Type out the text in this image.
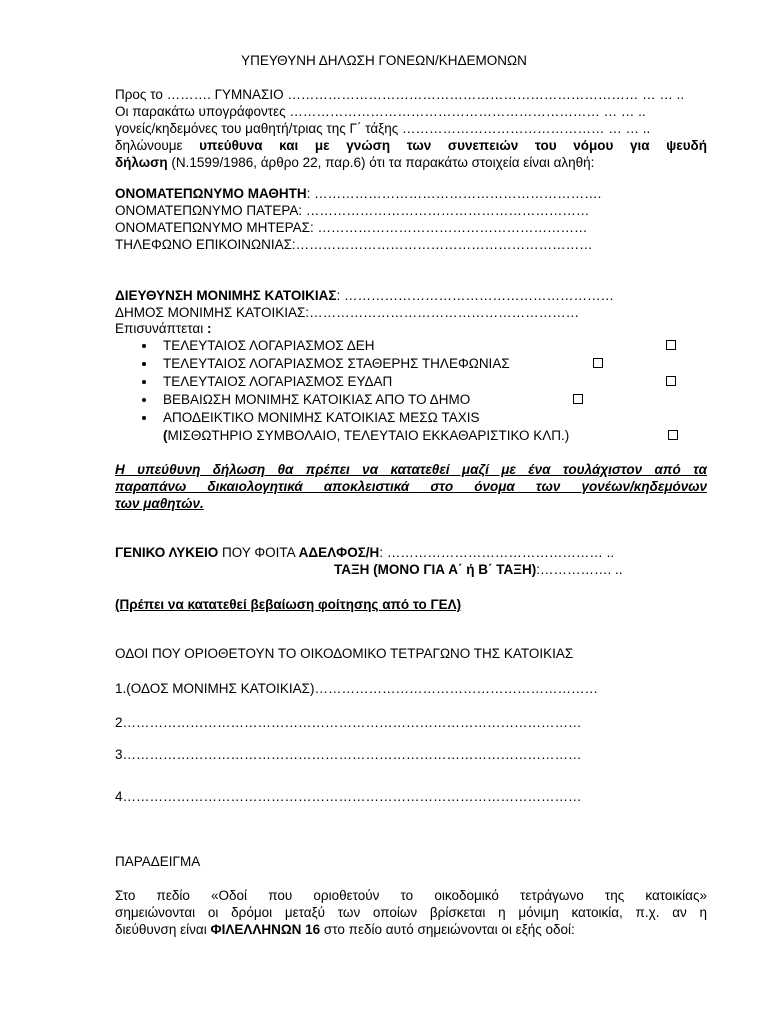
ΥΠΕΥΘΥΝΗ ΔΗΛΩΣΗ ΓΟΝΕΩΝ/ΚΗΔΕΜΟΝΩΝ
Προς το ………. ΓΥΜΝΑΣΙΟ …………………………………………………………………… … … ..
Οι παρακάτω υπογράφοντες …………………………………………………………… … … ..
γονείς/κηδεμόνες του μαθητή/τριας της Γ΄ τάξης ……………………………………… … … ..
δηλώνουμε υπεύθυνα και με γνώση των συνεπειών του νόμου για ψευδή
δήλωση (Ν.1599/1986, άρθρο 22, παρ.6) ότι τα παρακάτω στοιχεία είναι αληθή:
ΟΝΟΜΑΤΕΠΩΝΥΜΟ ΜΑΘΗΤΗ: ……………………………………………………….
ΟΝΟΜΑΤΕΠΩΝΥΜΟ ΠΑΤΕΡΑ: ………………………………………………………
ΟΝΟΜΑΤΕΠΩΝΥΜΟ ΜΗΤΕΡΑΣ: ……………………………………………………
ΤΗΛΕΦΩΝΟ ΕΠΙΚΟΙΝΩΝΙΑΣ:…………………………………………………………
ΔΙΕΥΘΥΝΣΗ ΜΟΝΙΜΗΣ ΚΑΤΟΙΚΙΑΣ: ……………………………………………………
ΔΗΜΟΣ ΜΟΝΙΜΗΣ ΚΑΤΟΙΚΙΑΣ:……………………………………………………
Επισυνάπτεται :
ΤΕΛΕΥΤΑΙΟΣ ΛΟΓΑΡΙΑΣΜΟΣ ΔΕΗ
ΤΕΛΕΥΤΑΙΟΣ ΛΟΓΑΡΙΑΣΜΟΣ ΣΤΑΘΕΡΗΣ ΤΗΛΕΦΩΝΙΑΣ
ΤΕΛΕΥΤΑΙΟΣ ΛΟΓΑΡΙΑΣΜΟΣ ΕΥΔΑΠ
ΒΕΒΑΙΩΣΗ ΜΟΝΙΜΗΣ ΚΑΤΟΙΚΙΑΣ ΑΠΟ ΤΟ ΔΗΜΟ
ΑΠΟΔΕΙΚΤΙΚΟ ΜΟΝΙΜΗΣ ΚΑΤΟΙΚΙΑΣ ΜΕΣΩ TAXIS
(ΜΙΣΘΩΤΗΡΙΟ ΣΥΜΒΟΛΑΙΟ, ΤΕΛΕΥΤΑΙΟ ΕΚΚΑΘΑΡΙΣΤΙΚΟ ΚΛΠ.)
Η υπεύθυνη δήλωση θα πρέπει να κατατεθεί μαζί με ένα τουλάχιστον από τα
παραπάνω δικαιολογητικά αποκλειστικά στο όνομα των γονέων/κηδεμόνων
των μαθητών.
ΓΕΝΙΚΟ ΛΥΚΕΙΟ ΠΟΥ ΦΟΙΤΑ ΑΔΕΛΦΟΣ/Η: ………………………………………… ..
ΤΑΞΗ (ΜΟΝΟ ΓΙΑ Α΄ ή Β΄ ΤΑΞΗ):……………. ..
(Πρέπει να κατατεθεί βεβαίωση φοίτησης από το ΓΕΛ)
ΟΔΟΙ ΠΟΥ ΟΡΙΟΘΕΤΟΥΝ ΤΟ ΟΙΚΟΔΟΜΙΚΟ ΤΕΤΡΑΓΩΝΟ ΤΗΣ ΚΑΤΟΙΚΙΑΣ
1.(ΟΔΟΣ ΜΟΝΙΜΗΣ ΚΑΤΟΙΚΙΑΣ)………………………………………………………
2…………………………………………………………………………………………
3…………………………………………………………………………………………
4…………………………………………………………………………………………
ΠΑΡΑΔΕΙΓΜΑ
Στο πεδίο «Οδοί που οριοθετούν το οικοδομικό τετράγωνο της κατοικίας»
σημειώνονται οι δρόμοι μεταξύ των οποίων βρίσκεται η μόνιμη κατοικία, π.χ. αν η
διεύθυνση είναι ΦΙΛΕΛΛΗΝΩΝ 16 στο πεδίο αυτό σημειώνονται οι εξής οδοί:
